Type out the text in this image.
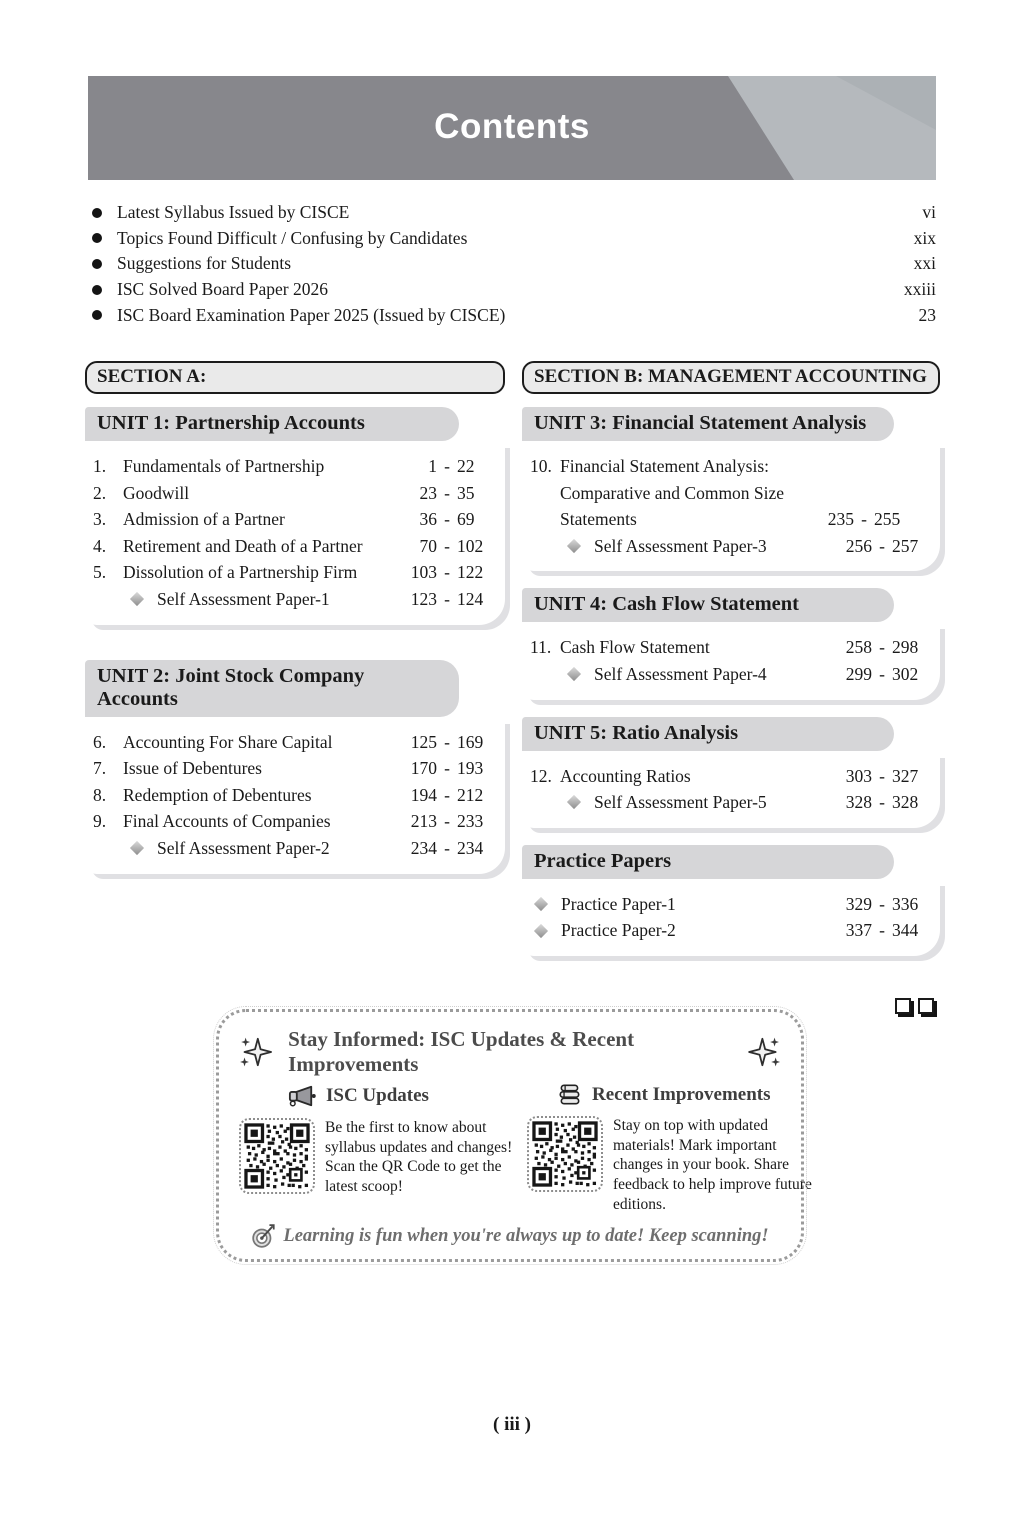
Contents
Latest Syllabus Issued by CISCE	vi
Topics Found Difficult / Confusing by Candidates	xix
Suggestions for Students	xxi
ISC Solved Board Paper 2026	xxiii
ISC Board Examination Paper 2025 (Issued by CISCE)	23
SECTION A:
UNIT 1: Partnership Accounts
1. Fundamentals of Partnership	1 - 22
2. Goodwill	23 - 35
3. Admission of a Partner	36 - 69
4. Retirement and Death of a Partner	70 - 102
5. Dissolution of a Partnership Firm	103 - 122
Self Assessment Paper-1	123 - 124
UNIT 2: Joint Stock Company Accounts
6. Accounting For Share Capital	125 - 169
7. Issue of Debentures	170 - 193
8. Redemption of Debentures	194 - 212
9. Final Accounts of Companies	213 - 233
Self Assessment Paper-2	234 - 234
SECTION B: MANAGEMENT ACCOUNTING
UNIT 3: Financial Statement Analysis
10. Financial Statement Analysis: Comparative and Common Size Statements	235 - 255
Self Assessment Paper-3	256 - 257
UNIT 4: Cash Flow Statement
11. Cash Flow Statement	258 - 298
Self Assessment Paper-4	299 - 302
UNIT 5: Ratio Analysis
12. Accounting Ratios	303 - 327
Self Assessment Paper-5	328 - 328
Practice Papers
Practice Paper-1	329 - 336
Practice Paper-2	337 - 344
Stay Informed: ISC Updates & Recent Improvements
ISC Updates
Be the first to know about syllabus updates and changes! Scan the QR Code to get the latest scoop!
Recent Improvements
Stay on top with updated materials! Mark important changes in your book. Share feedback to help improve future editions.
Learning is fun when you're always up to date! Keep scanning!
( iii )
